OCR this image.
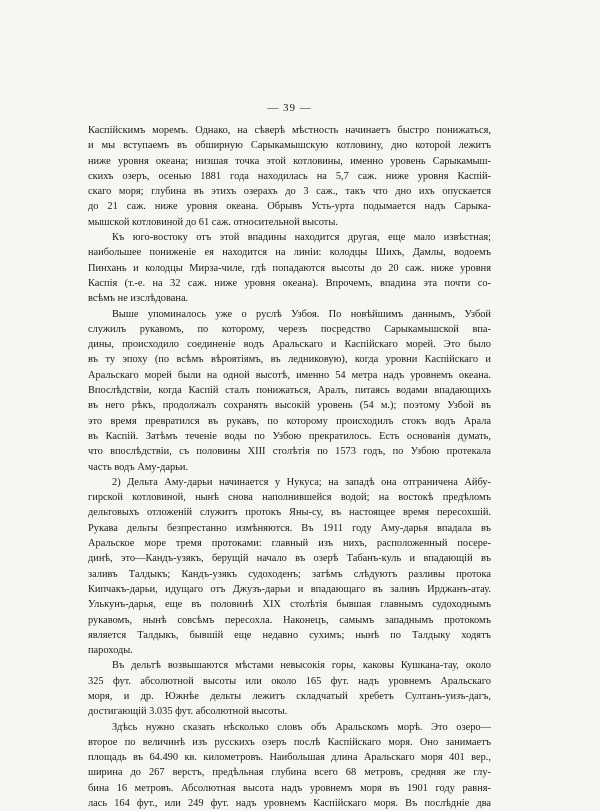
— 39 —
Каспійскимъ моремъ. Однако, на сѣверѣ мѣстность начинаетъ быстро понижаться,
и мы вступаемъ въ обширную Сарыкамышскую котловину, дно которой лежитъ
ниже уровня океана; низшая точка этой котловины, именно уровень Сарыкамыш-
скихъ озеръ, осенью 1881 года находилась на 5,7 саж. ниже уровня Каспій-
скаго моря; глубина въ этихъ озерахъ до 3 саж., такъ что дно ихъ опускается
до 21 саж. ниже уровня океана. Обрывъ Усть-урта подымается надъ Сарыка-
мышской котловиной до 61 саж. относительной высоты.
Къ юго-востоку отъ этой впадины находится другая, еще мало извѣстная;
наибольшее пониженіе ея находится на линіи: колодцы Шихъ, Дамлы, водоемъ
Пинхань и колодцы Мирза-чиле, гдѣ попадаются высоты до 20 саж. ниже уровня
Каспія (т.-е. на 32 саж. ниже уровня океана). Впрочемъ, впадина эта почти со-
всѣмъ не изслѣдована.
Выше упоминалось уже о руслѣ Узбоя. По новѣйшимъ даннымъ, Узбой
служилъ рукавомъ, по которому, черезъ посредство Сарыкамышской впа-
дины, происходило соединеніе водъ Аральскаго и Каспійскаго морей. Это было
въ ту эпоху (по всѣмъ вѣроятіямъ, въ ледниковую), когда уровни Каспійскаго и
Аральскаго морей были на одной высотѣ, именно 54 метра надъ уровнемъ океана.
Впослѣдствіи, когда Каспій сталъ понижаться, Аралъ, питаясь водами впадающихъ
въ него рѣкъ, продолжалъ сохранять высокій уровень (54 м.); поэтому Узбой въ
это время превратился въ рукавъ, по которому происходилъ стокъ водъ Арала
въ Каспій. Затѣмъ теченіе воды по Узбою прекратилось. Есть основанія думать,
что впослѣдствіи, съ половины XIII столѣтія по 1573 годъ, по Узбою протекала
часть водъ Аму-дарьи.
2) Дельта Аму-дарьи начинается у Нукуса; на западѣ она отграничена Айбу-
гирской котловиной, нынѣ снова наполнившейся водой; на востокѣ предѣломъ
дельтовыхъ отложеній служитъ протокъ Яны-су, въ настоящее время пересохшій.
Рукава дельты безпрестанно измѣняются. Въ 1911 году Аму-дарья впадала въ
Аральское море тремя протоками: главный изъ нихъ, расположенный посере-
динѣ, это—Кандъ-узякъ, берущій начало въ озерѣ Табанъ-куль и впадающій въ
заливъ Талдыкъ; Кандъ-узякъ судоходенъ; затѣмъ слѣдуютъ разливы протока
Кипчакъ-дарьи, идущаго отъ Джузъ-дарьи и впадающаго въ заливъ Ирджанъ-атау.
Улькунъ-дарья, еще въ половинѣ XIX столѣтія бывшая главнымъ судоходнымъ
рукавомъ, нынѣ совсѣмъ пересохла. Наконецъ, самымъ западнымъ протокомъ
является Талдыкъ, бывшій еще недавно сухимъ; нынѣ по Талдыку ходятъ
пароходы.
Въ дельтѣ возвышаются мѣстами невысокія горы, каковы Кушкана-тау, около
325 фут. абсолютной высоты или около 165 фут. надъ уровнемъ Аральскаго
моря, и др. Южнѣе дельты лежитъ складчатый хребетъ Султанъ-уизъ-дагъ,
достигающій 3.035 фут. абсолютной высоты.
Здѣсь нужно сказать нѣсколько словъ объ Аральскомъ морѣ. Это озеро—
второе по величинѣ изъ русскихъ озеръ послѣ Каспійскаго моря. Оно занимаетъ
площадь въ 64.490 кв. километровъ. Наибольшая длина Аральскаго моря 401 вер.,
ширина до 267 верстъ, предѣльная глубина всего 68 метровъ, средняя же глу-
бина 16 метровъ. Абсолютная высота надъ уровнемъ моря въ 1901 году равня-
лась 164 фут., или 249 фут. надъ уровнемъ Каспійскаго моря. Въ послѣдніе два
